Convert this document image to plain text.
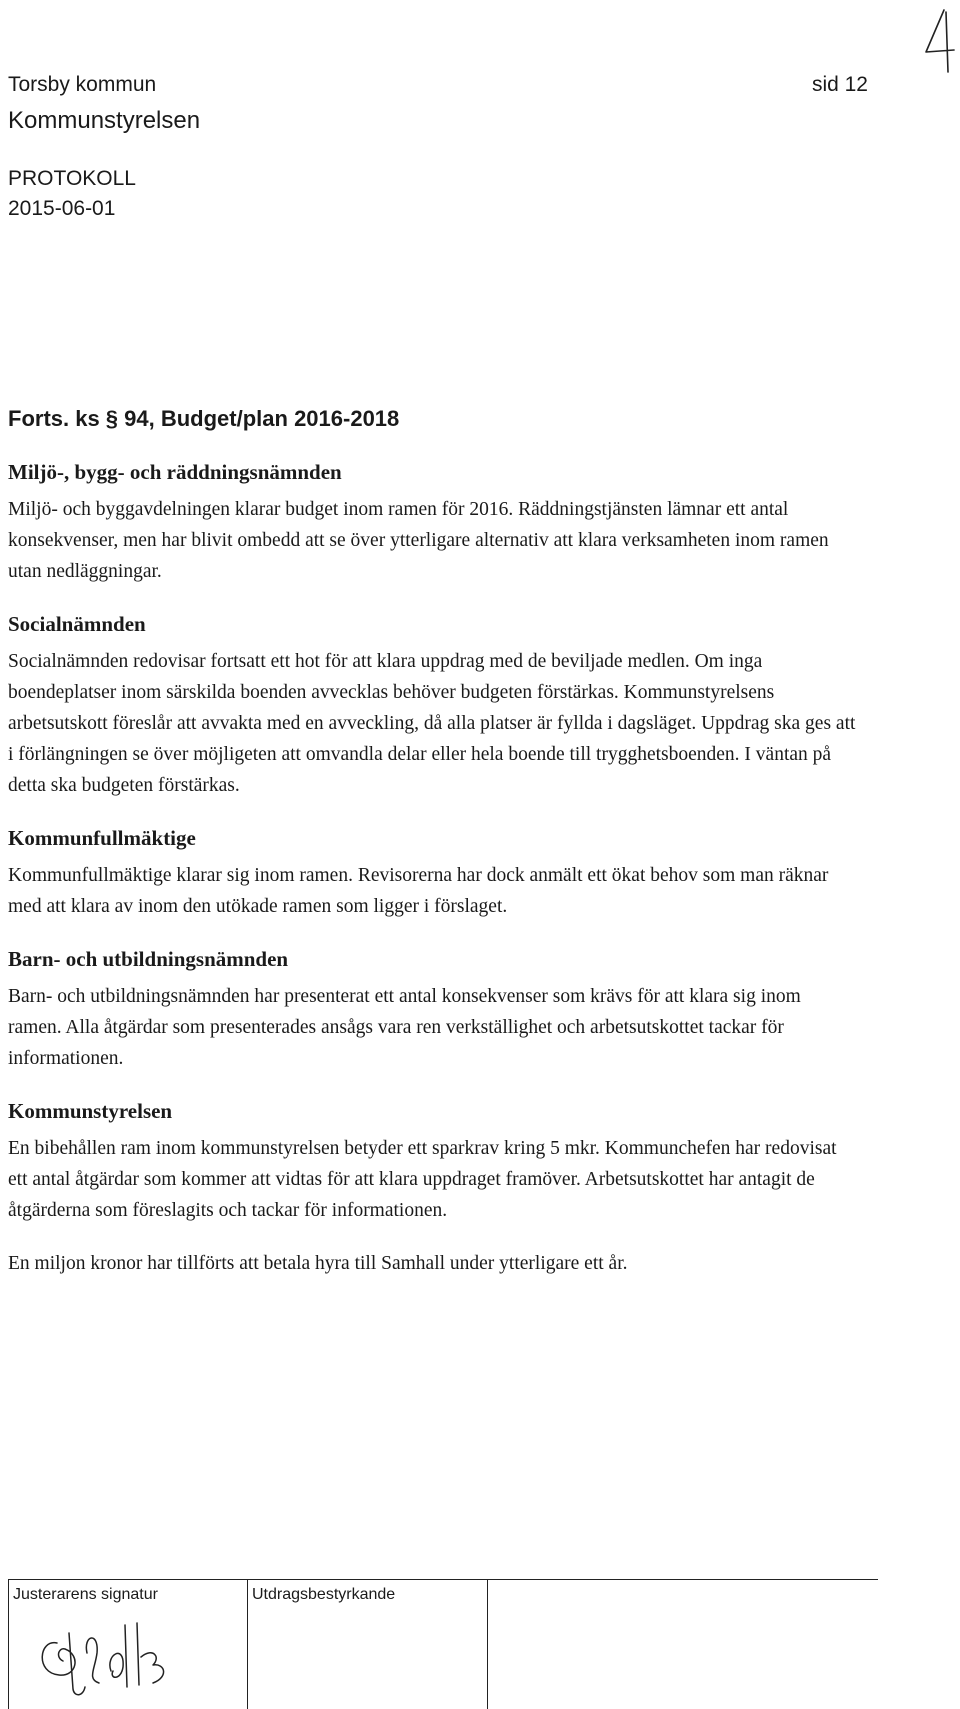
Torsby kommun	sid 12
Kommunstyrelsen
PROTOKOLL
2015-06-01
Forts. ks § 94, Budget/plan 2016-2018
Miljö-, bygg- och räddningsnämnden

Miljö- och byggavdelningen klarar budget inom ramen för 2016. Räddningstjänsten lämnar ett antal konsekvenser, men har blivit ombedd att se över ytterligare alternativ att klara verksamheten inom ramen utan nedläggningar.

Socialnämnden

Socialnämnden redovisar fortsatt ett hot för att klara uppdrag med de beviljade medlen. Om inga boendeplatser inom särskilda boenden avvecklas behöver budgeten förstärkas. Kommunstyrelsens arbetsutskott föreslår att avvakta med en avveckling, då alla platser är fyllda i dagsläget. Uppdrag ska ges att i förlängningen se över möjligeten att omvandla delar eller hela boende till trygghetsboenden. I väntan på detta ska budgeten förstärkas.

Kommunfullmäktige

Kommunfullmäktige klarar sig inom ramen. Revisorerna har dock anmält ett ökat behov som man räknar med att klara av inom den utökade ramen som ligger i förslaget.

Barn- och utbildningsnämnden

Barn- och utbildningsnämnden har presenterat ett antal konsekvenser som krävs för att klara sig inom ramen. Alla åtgärdar som presenterades ansågs vara ren verkställighet och arbetsutskottet tackar för informationen.

Kommunstyrelsen

En bibehållen ram inom kommunstyrelsen betyder ett sparkrav kring 5 mkr. Kommunchefen har redovisat ett antal åtgärdar som kommer att vidtas för att klara uppdraget framöver. Arbetsutskottet har antagit de åtgärderna som föreslagits och tackar för informationen.

En miljon kronor har tillförts att betala hyra till Samhall under ytterligare ett år.

Justerarens signatur	Utdragsbestyrkande
